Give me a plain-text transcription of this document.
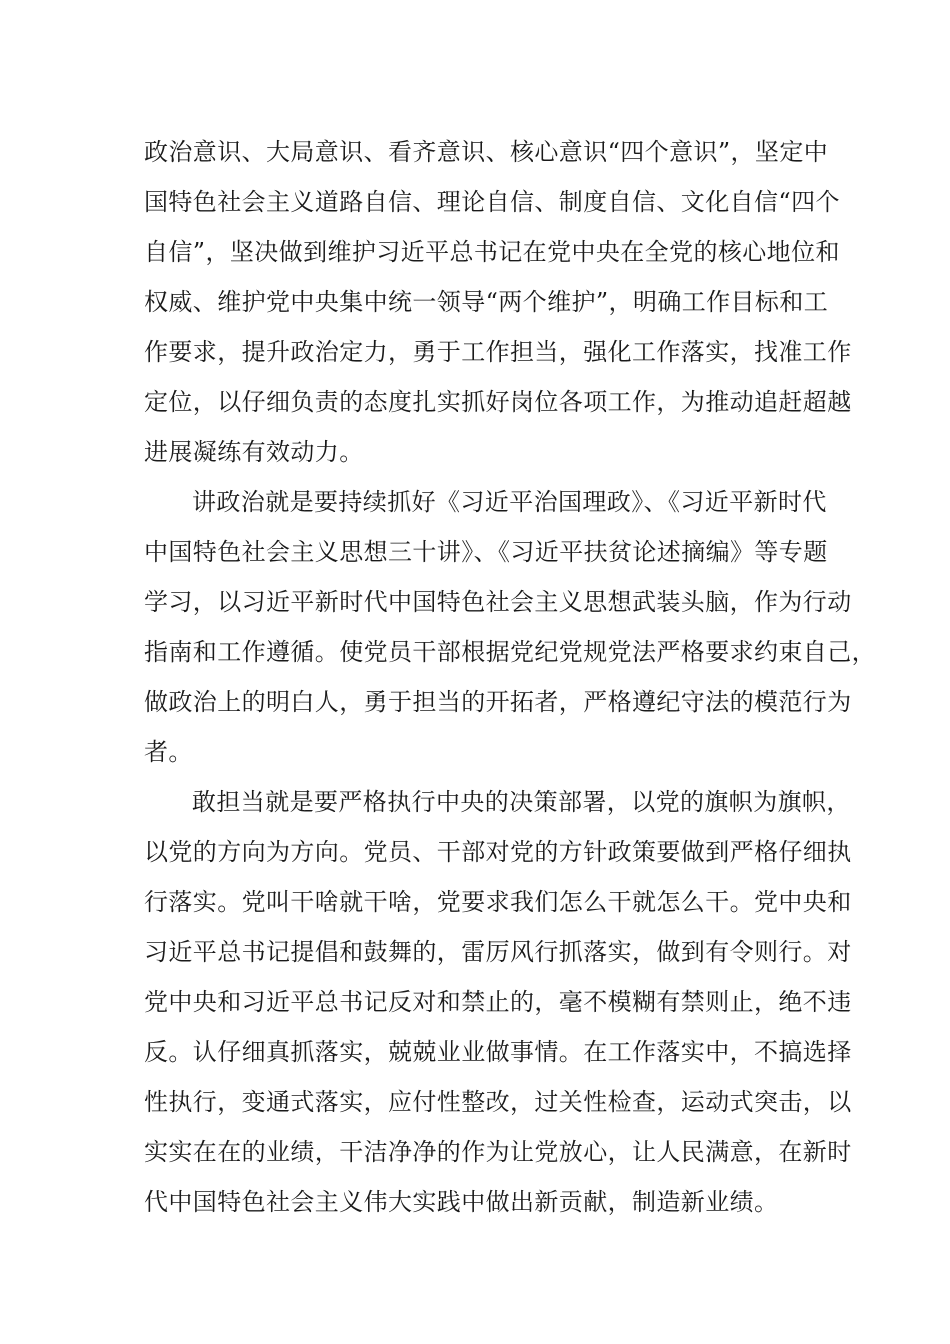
政治意识、大局意识、看齐意识、核心意识“四个意识”，坚定中
国特色社会主义道路自信、理论自信、制度自信、文化自信“四个
自信”，坚决做到维护习近平总书记在党中央在全党的核心地位和
权威、维护党中央集中统一领导“两个维护”，明确工作目标和工
作要求，提升政治定力，勇于工作担当，强化工作落实，找准工作
定位，以仔细负责的态度扎实抓好岗位各项工作，为推动追赶超越
进展凝练有效动力。
讲政治就是要持续抓好《习近平治国理政》、《习近平新时代
中国特色社会主义思想三十讲》、《习近平扶贫论述摘编》等专题
学习，以习近平新时代中国特色社会主义思想武装头脑，作为行动
指南和工作遵循。使党员干部根据党纪党规党法严格要求约束自己，
做政治上的明白人，勇于担当的开拓者，严格遵纪守法的模范行为
者。
敢担当就是要严格执行中央的决策部署，以党的旗帜为旗帜，
以党的方向为方向。党员、干部对党的方针政策要做到严格仔细执
行落实。党叫干啥就干啥，党要求我们怎么干就怎么干。党中央和
习近平总书记提倡和鼓舞的，雷厉风行抓落实，做到有令则行。对
党中央和习近平总书记反对和禁止的，毫不模糊有禁则止，绝不违
反。认仔细真抓落实，兢兢业业做事情。在工作落实中，不搞选择
性执行，变通式落实，应付性整改，过关性检查，运动式突击，以
实实在在的业绩，干洁净净的作为让党放心，让人民满意，在新时
代中国特色社会主义伟大实践中做出新贡献，制造新业绩。
